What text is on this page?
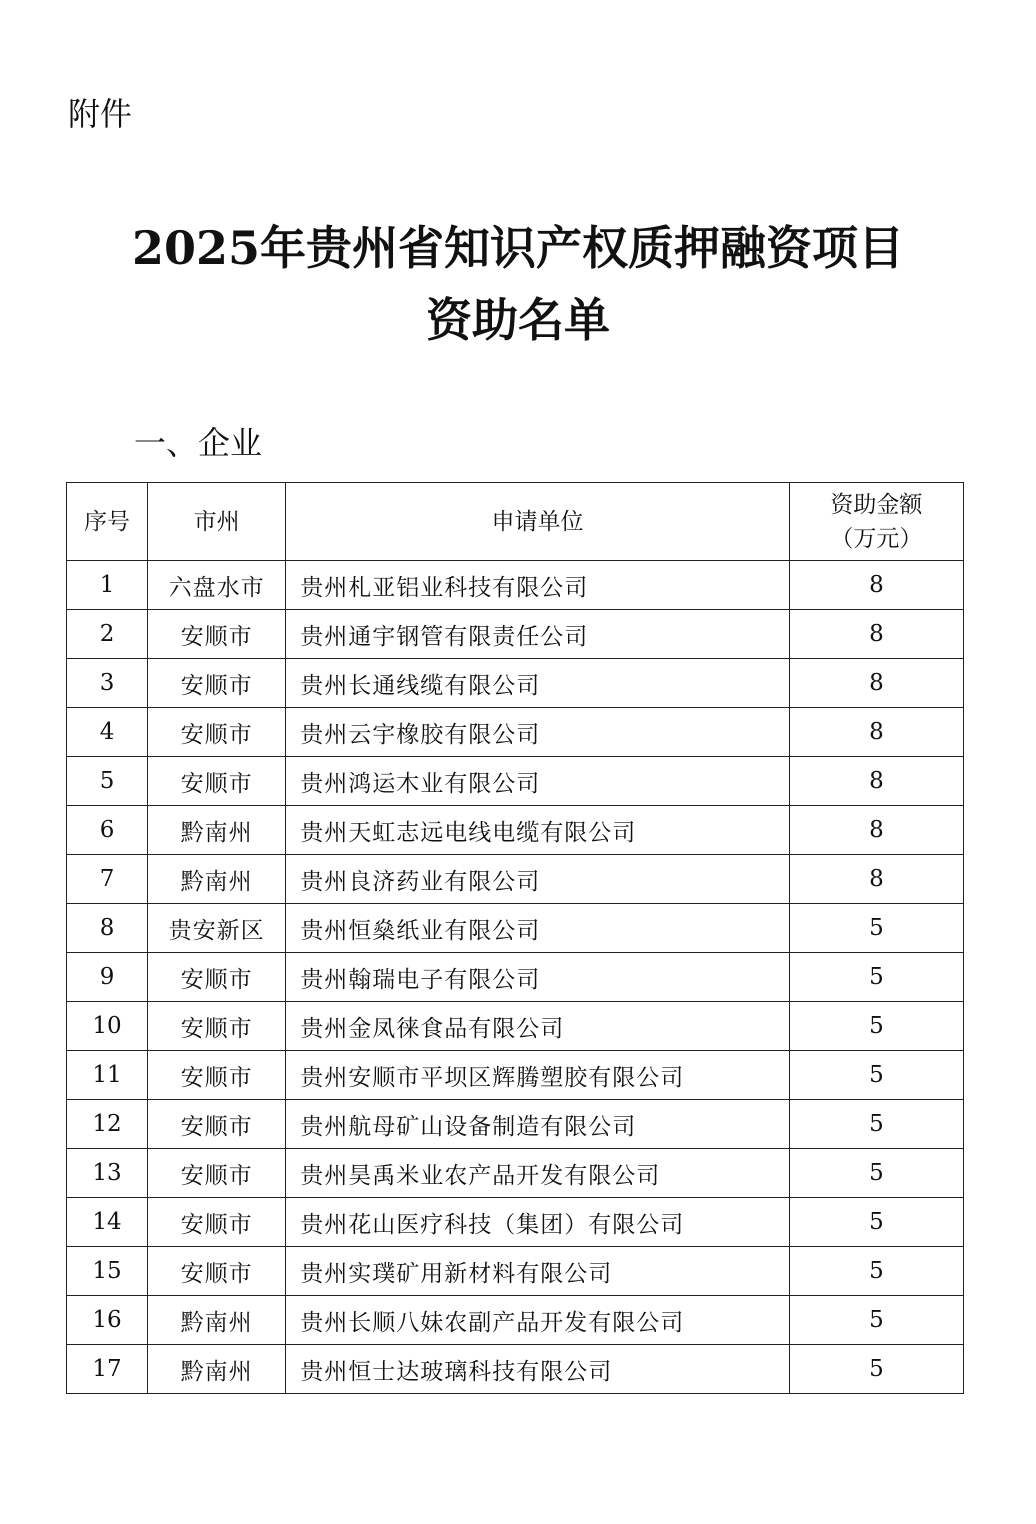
附件
2025年贵州省知识产权质押融资项目
资助名单
一、企业
序号	市州	申请单位	资助金额
（万元）

1	六盘水市	贵州札亚铝业科技有限公司	8
2	安顺市	贵州通宇钢管有限责任公司	8
3	安顺市	贵州长通线缆有限公司	8
4	安顺市	贵州云宇橡胶有限公司	8
5	安顺市	贵州鸿运木业有限公司	8
6	黔南州	贵州天虹志远电线电缆有限公司	8
7	黔南州	贵州良济药业有限公司	8
8	贵安新区	贵州恒燊纸业有限公司	5
9	安顺市	贵州翰瑞电子有限公司	5
10	安顺市	贵州金凤徕食品有限公司	5
11	安顺市	贵州安顺市平坝区辉腾塑胶有限公司	5
12	安顺市	贵州航母矿山设备制造有限公司	5
13	安顺市	贵州昊禹米业农产品开发有限公司	5
14	安顺市	贵州花山医疗科技（集团）有限公司	5
15	安顺市	贵州实璞矿用新材料有限公司	5
16	黔南州	贵州长顺八妹农副产品开发有限公司	5
17	黔南州	贵州恒士达玻璃科技有限公司	5
